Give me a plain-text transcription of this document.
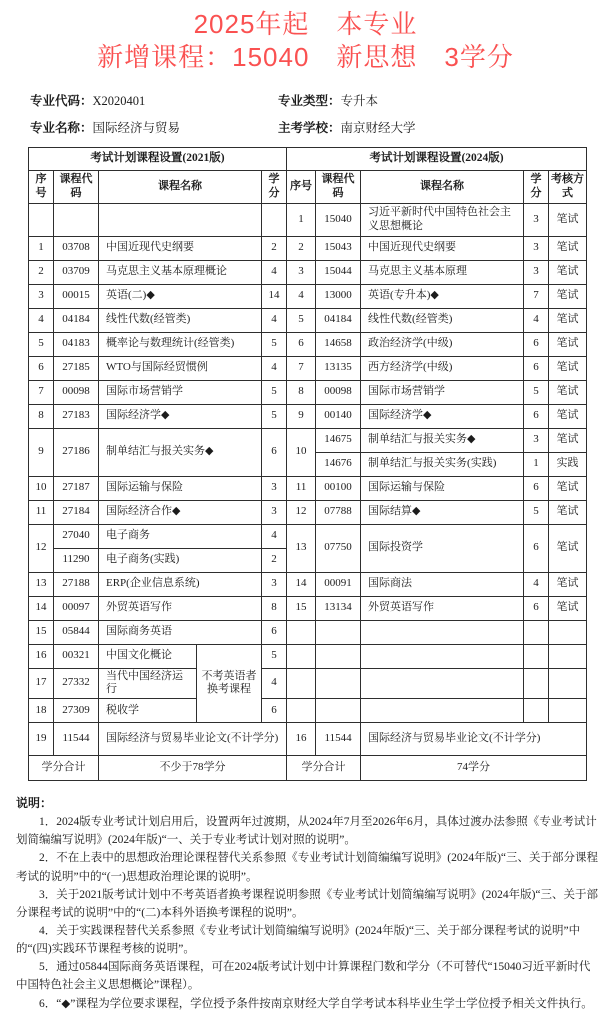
2025年起　本专业
新增课程：15040　新思想　3学分
专业代码：X2020401	专业类型：专升本
专业名称：国际经济与贸易	主考学校：南京财经大学
考试计划课程设置(2021版)					考试计划课程设置(2024版)				
序号	课程代码	课程名称		学分	序号	课程代码	课程名称	学分	考核方式
					1	15040	习近平新时代中国特色社会主义思想概论	3	笔试
1	03708	中国近现代史纲要		2	2	15043	中国近现代史纲要	3	笔试
2	03709	马克思主义基本原理概论		4	3	15044	马克思主义基本原理	3	笔试
3	00015	英语(二)◆		14	4	13000	英语(专升本)◆	7	笔试
4	04184	线性代数(经管类)		4	5	04184	线性代数(经管类)	4	笔试
5	04183	概率论与数理统计(经管类)		5	6	14658	政治经济学(中级)	6	笔试
6	27185	WTO与国际经贸惯例		4	7	13135	西方经济学(中级)	6	笔试
7	00098	国际市场营销学		5	8	00098	国际市场营销学	5	笔试
8	27183	国际经济学◆		5	9	00140	国际经济学◆	6	笔试
9	27186	制单结汇与报关实务◆		6	10	14675	制单结汇与报关实务◆	3	笔试
						14676	制单结汇与报关实务(实践)	1	实践
10	27187	国际运输与保险		3	11	00100	国际运输与保险	6	笔试
11	27184	国际经济合作◆		3	12	07788	国际结算◆	5	笔试
12	27040	电子商务		4	13	07750	国际投资学	6	笔试
	11290	电子商务(实践)		2					
13	27188	ERP(企业信息系统)		3	14	00091	国际商法	4	笔试
14	00097	外贸英语写作		8	15	13134	外贸英语写作	6	笔试
15	05844	国际商务英语		6					
16	00321	中国文化概论	不考英语者换考课程	5					
17	27332	当代中国经济运行		4					
18	27309	税收学		6					
19	11544	国际经济与贸易毕业论文(不计学分)			16	11544	国际经济与贸易毕业论文(不计学分)		
学分合计		不少于78学分			学分合计		74学分		
说明：

1．2024版专业考试计划启用后，设置两年过渡期，从2024年7月至2026年6月，具体过渡办法参照《专业考试计划简编编写说明》(2024年版)“一、关于专业考试计划对照的说明”。

2．不在上表中的思想政治理论课程替代关系参照《专业考试计划简编编写说明》(2024年版)“三、关于部分课程考试的说明”中的“(一)思想政治理论课的说明”。

3．关于2021版考试计划中不考英语者换考课程说明参照《专业考试计划简编编写说明》(2024年版)“三、关于部分课程考试的说明”中的“(二)本科外语换考课程的说明”。

4．关于实践课程替代关系参照《专业考试计划简编编写说明》(2024年版)“三、关于部分课程考试的说明”中的“(四)实践环节课程考核的说明”。

5．通过05844国际商务英语课程，可在2024版考试计划中计算课程门数和学分（不可替代“15040习近平新时代中国特色社会主义思想概论”课程）。

6．“◆”课程为学位要求课程，学位授予条件按南京财经大学自学考试本科毕业生学士学位授予相关文件执行。
